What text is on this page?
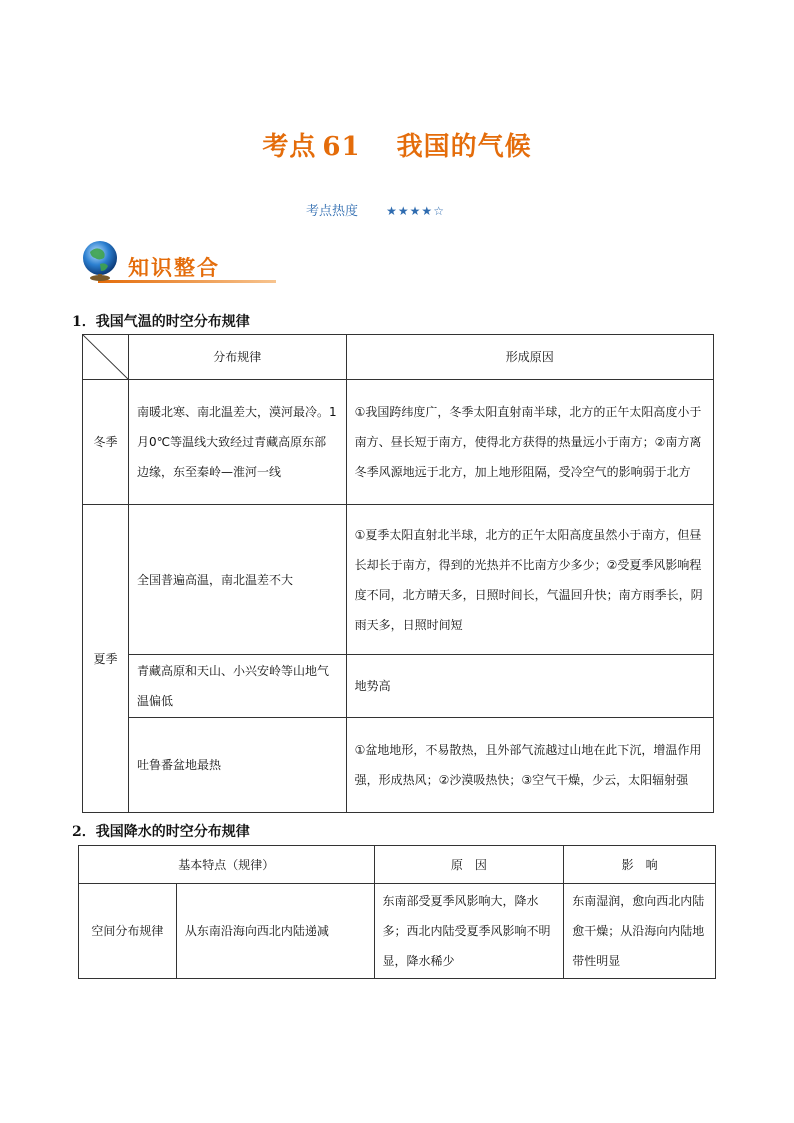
考点 61 我国的气候
考点热度 ★★★★☆
知识整合
1．我国气温的时空分布规律
	分布规律	形成原因
冬季	南暖北寒、南北温差大，漠河最冷。1月0℃等温线大致经过青藏高原东部边缘，东至秦岭—淮河一线	①我国跨纬度广，冬季太阳直射南半球，北方的正午太阳高度小于南方、昼长短于南方，使得北方获得的热量远小于南方；②南方离冬季风源地远于北方，加上地形阻隔，受冷空气的影响弱于北方
夏季	全国普遍高温，南北温差不大	①夏季太阳直射北半球，北方的正午太阳高度虽然小于南方，但昼长却长于南方，得到的光热并不比南方少多少；②受夏季风影响程度不同，北方晴天多，日照时间长，气温回升快；南方雨季长，阴雨天多，日照时间短
	青藏高原和天山、小兴安岭等山地气温偏低	地势高
	吐鲁番盆地最热	①盆地地形，不易散热，且外部气流越过山地在此下沉，增温作用强，形成热风；②沙漠吸热快；③空气干燥，少云，太阳辐射强
2．我国降水的时空分布规律
基本特点（规律）		原　因	影　响
空间分布规律	从东南沿海向西北内陆递减	东南部受夏季风影响大，降水多；西北内陆受夏季风影响不明显，降水稀少	东南湿润，愈向西北内陆愈干燥；从沿海向内陆地带性明显
